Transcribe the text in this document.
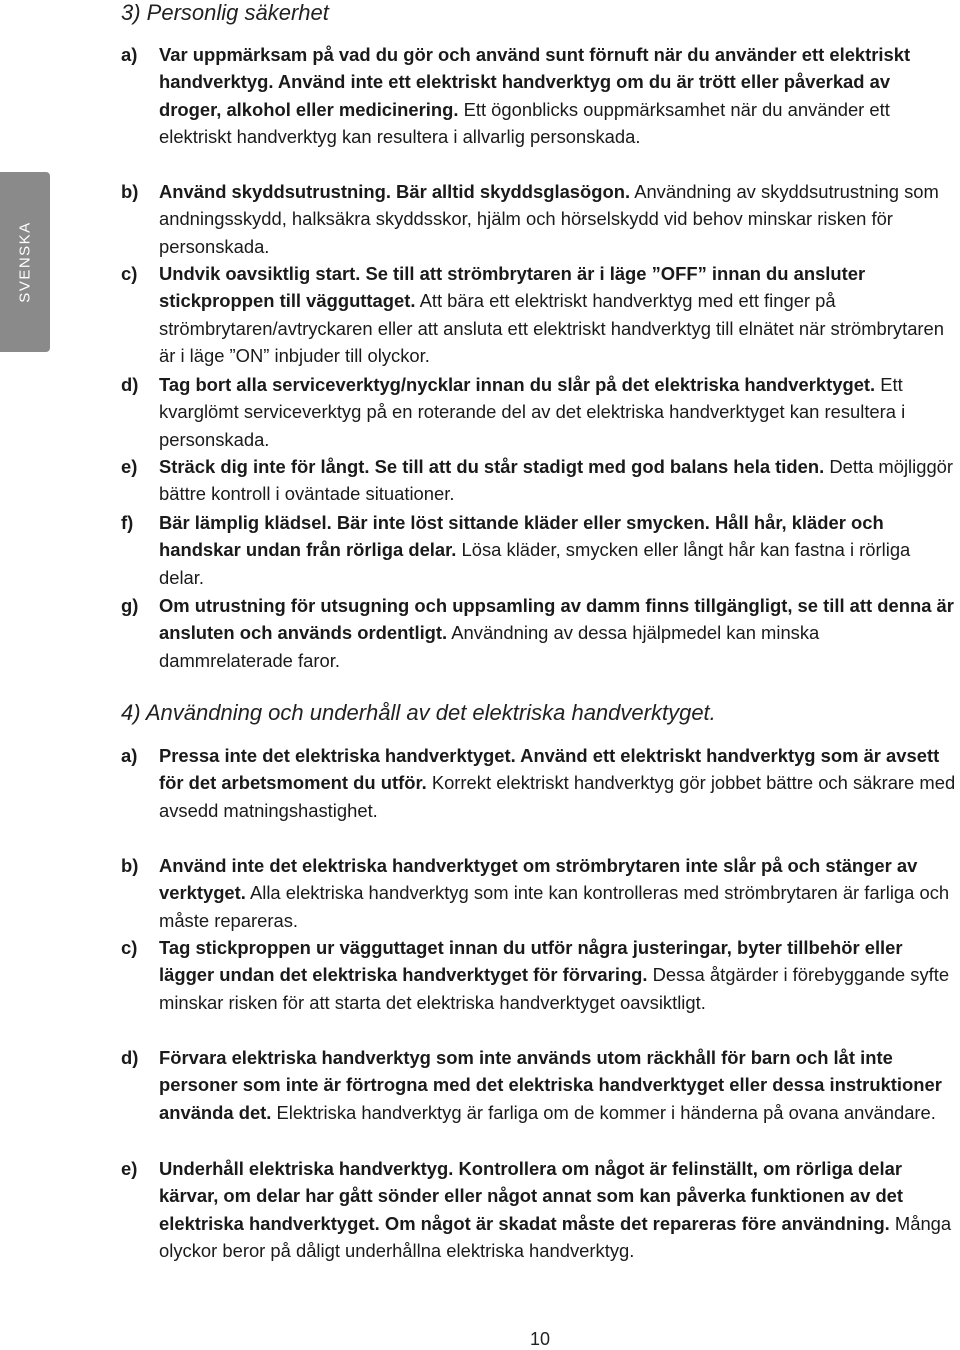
SVENSKA
3) Personlig säkerhet
a) Var uppmärksam på vad du gör och använd sunt förnuft när du använder ett elektriskt handverktyg. Använd inte ett elektriskt handverktyg om du är trött eller påverkad av droger, alkohol eller medicinering. Ett ögonblicks ouppmärksamhet när du använder ett elektriskt handverktyg kan resultera i allvarlig personskada.
b) Använd skyddsutrustning. Bär alltid skyddsglasögon. Användning av skyddsutrustning som andningsskydd, halksäkra skyddsskor, hjälm och hörselskydd vid behov minskar risken för personskada.
c) Undvik oavsiktlig start. Se till att strömbrytaren är i läge ”OFF” innan du ansluter stickproppen till vägguttaget. Att bära ett elektriskt handverktyg med ett finger på strömbrytaren/avtryckaren eller att ansluta ett elektriskt handverktyg till elnätet när strömbrytaren är i läge ”ON” inbjuder till olyckor.
d) Tag bort alla serviceverktyg/nycklar innan du slår på det elektriska handverktyget. Ett kvarglömt serviceverktyg på en roterande del av det elektriska handverktyget kan resultera i personskada.
e) Sträck dig inte för långt. Se till att du står stadigt med god balans hela tiden. Detta möjliggör bättre kontroll i oväntade situationer.
f) Bär lämplig klädsel. Bär inte löst sittande kläder eller smycken. Håll hår, kläder och handskar undan från rörliga delar. Lösa kläder, smycken eller långt hår kan fastna i rörliga delar.
g) Om utrustning för utsugning och uppsamling av damm finns tillgängligt, se till att denna är ansluten och används ordentligt. Användning av dessa hjälpmedel kan minska dammrelaterade faror.
4) Användning och underhåll av det elektriska handverktyget.
a) Pressa inte det elektriska handverktyget. Använd ett elektriskt handverktyg som är avsett för det arbetsmoment du utför. Korrekt elektriskt handverktyg gör jobbet bättre och säkrare med avsedd matningshastighet.
b) Använd inte det elektriska handverktyget om strömbrytaren inte slår på och stänger av verktyget. Alla elektriska handverktyg som inte kan kontrolleras med strömbrytaren är farliga och måste repareras.
c) Tag stickproppen ur vägguttaget innan du utför några justeringar, byter tillbehör eller lägger undan det elektriska handverktyget för förvaring. Dessa åtgärder i förebyggande syfte minskar risken för att starta det elektriska handverktyget oavsiktligt.
d) Förvara elektriska handverktyg som inte används utom räckhåll för barn och låt inte personer som inte är förtrogna med det elektriska handverktyget eller dessa instruktioner använda det. Elektriska handverktyg är farliga om de kommer i händerna på ovana användare.
e) Underhåll elektriska handverktyg. Kontrollera om något är felinställt, om rörliga delar kärvar, om delar har gått sönder eller något annat som kan påverka funktionen av det elektriska handverktyget. Om något är skadat måste det repareras före användning. Många olyckor beror på dåligt underhållna elektriska handverktyg.
10
